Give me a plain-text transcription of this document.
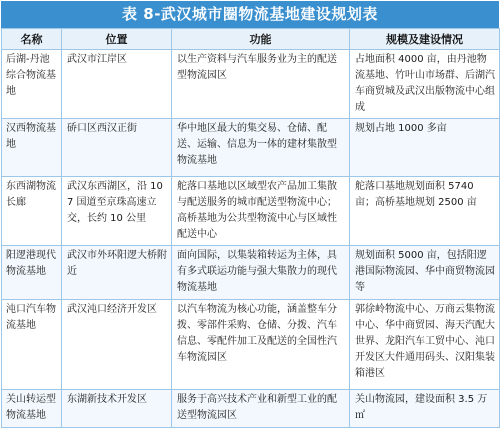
表 8-武汉城市圈物流基地建设规划表
名称	位置	功能	规模及建设情况
后湖-丹池综合物流基地	武汉市江岸区	以生产资料与汽车服务业为主的配送型物流园区	占地面积 4000 亩，由丹池物流基地、竹叶山市场群、后湖汽车商贸城及武汉出版物流中心组成
汉西物流基地	硚口区西汉正街	华中地区最大的集交易、仓储、配送、运输、信息为一体的建材集散型物流基地	规划占地 1000 多亩
东西湖物流长廊	武汉东西湖区，沿 107 国道至京珠高速立交，长约 10 公里	舵落口基地以区域型农产品加工集散与配送服务的城市配送型物流中心；高桥基地为公共型物流中心与区域性配送中心	舵落口基地规划面积 5740 亩；高桥基地规划 2500 亩
阳逻港现代物流基地	武汉市外环阳逻大桥附近	面向国际，以集装箱转运为主体，具有多式联运功能与强大集散力的现代物流基地	规划面积 5000 亩，包括阳逻港国际物流园、华中商贸物流园等
沌口汽车物流基地	武汉沌口经济开发区	以汽车物流为核心功能，涵盖整车分拨、零部件采购、仓储、分拨、汽车信息、零配件加工及配送的全国性汽车物流园区	郭徐岭物流中心、万商云集物流中心、华中商贸园、海天汽配大世界、龙阳汽车工贸中心、沌口开发区大件通用码头、汉阳集装箱港区
关山转运型物流基地	东湖新技术开发区	服务于高兴技术产业和新型工业的配送型物流园区	关山物流园，建设面积 3.5 万㎡
